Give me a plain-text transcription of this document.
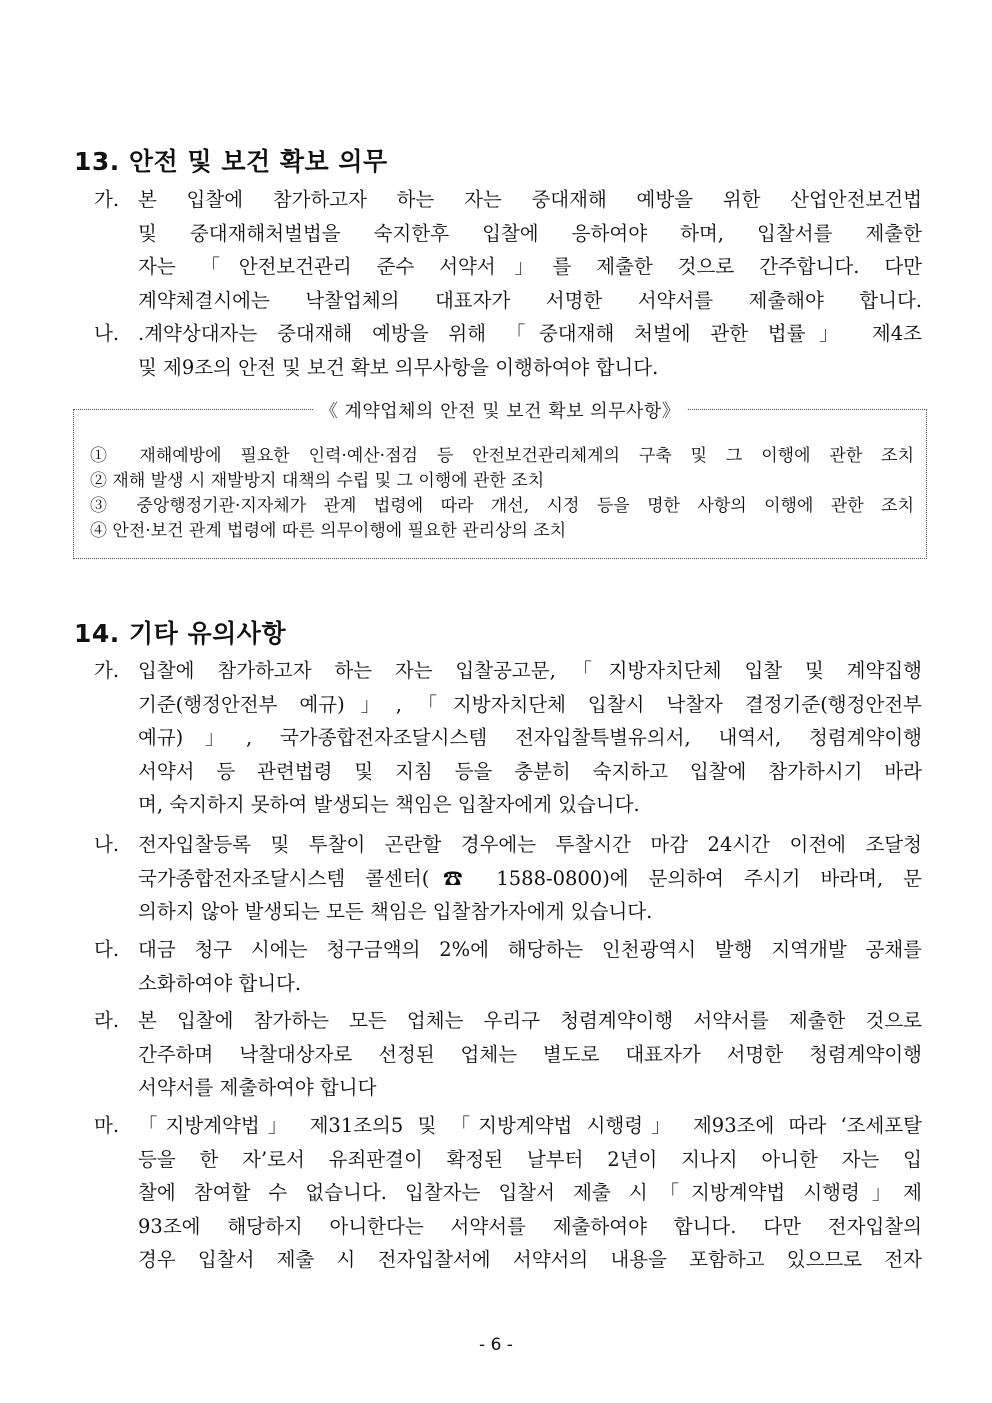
13. 안전 및 보건 확보 의무
가. 본 입찰에 참가하고자 하는 자는 중대재해 예방을 위한 산업안전보건법
및 중대재해처벌법을 숙지한후 입찰에 응하여야 하며, 입찰서를 제출한
자는 「안전보건관리 준수 서약서」를 제출한 것으로 간주합니다. 다만
계약체결시에는 낙찰업체의 대표자가 서명한 서약서를 제출해야 합니다.
나. .계약상대자는 중대재해 예방을 위해 「중대재해 처벌에 관한 법률」 제4조
및 제9조의 안전 및 보건 확보 의무사항을 이행하여야 합니다.
《 계약업체의 안전 및 보건 확보 의무사항》
① 재해예방에 필요한 인력·예산·점검 등 안전보건관리체계의 구축 및 그 이행에 관한 조치
② 재해 발생 시 재발방지 대책의 수립 및 그 이행에 관한 조치
③ 중앙행정기관·지자체가 관계 법령에 따라 개선, 시정 등을 명한 사항의 이행에 관한 조치
④ 안전·보건 관계 법령에 따른 의무이행에 필요한 관리상의 조치
14. 기타 유의사항
가. 입찰에 참가하고자 하는 자는 입찰공고문,「지방자치단체 입찰 및 계약집행
기준(행정안전부 예규)」,「지방자치단체 입찰시 낙찰자 결정기준(행정안전부
예규)」, 국가종합전자조달시스템 전자입찰특별유의서, 내역서, 청렴계약이행
서약서 등 관련법령 및 지침 등을 충분히 숙지하고 입찰에 참가하시기 바라
며, 숙지하지 못하여 발생되는 책임은 입찰자에게 있습니다.
나. 전자입찰등록 및 투찰이 곤란할 경우에는 투찰시간 마감 24시간 이전에 조달청
국가종합전자조달시스템 콜센터(☎ 1588-0800)에 문의하여 주시기 바라며, 문
의하지 않아 발생되는 모든 책임은 입찰참가자에게 있습니다.
다. 대금 청구 시에는 청구금액의 2%에 해당하는 인천광역시 발행 지역개발 공채를
소화하여야 합니다.
라. 본 입찰에 참가하는 모든 업체는 우리구 청렴계약이행 서약서를 제출한 것으로
간주하며 낙찰대상자로 선정된 업체는 별도로 대표자가 서명한 청렴계약이행
서약서를 제출하여야 합니다
마. 「지방계약법」 제31조의5 및 「지방계약법 시행령」 제93조에 따라 ‘조세포탈
등을 한 자’로서 유죄판결이 확정된 날부터 2년이 지나지 아니한 자는 입
찰에 참여할 수 없습니다. 입찰자는 입찰서 제출 시「지방계약법 시행령」제
93조에 해당하지 아니한다는 서약서를 제출하여야 합니다. 다만 전자입찰의
경우 입찰서 제출 시 전자입찰서에 서약서의 내용을 포함하고 있으므로 전자
- 6 -
